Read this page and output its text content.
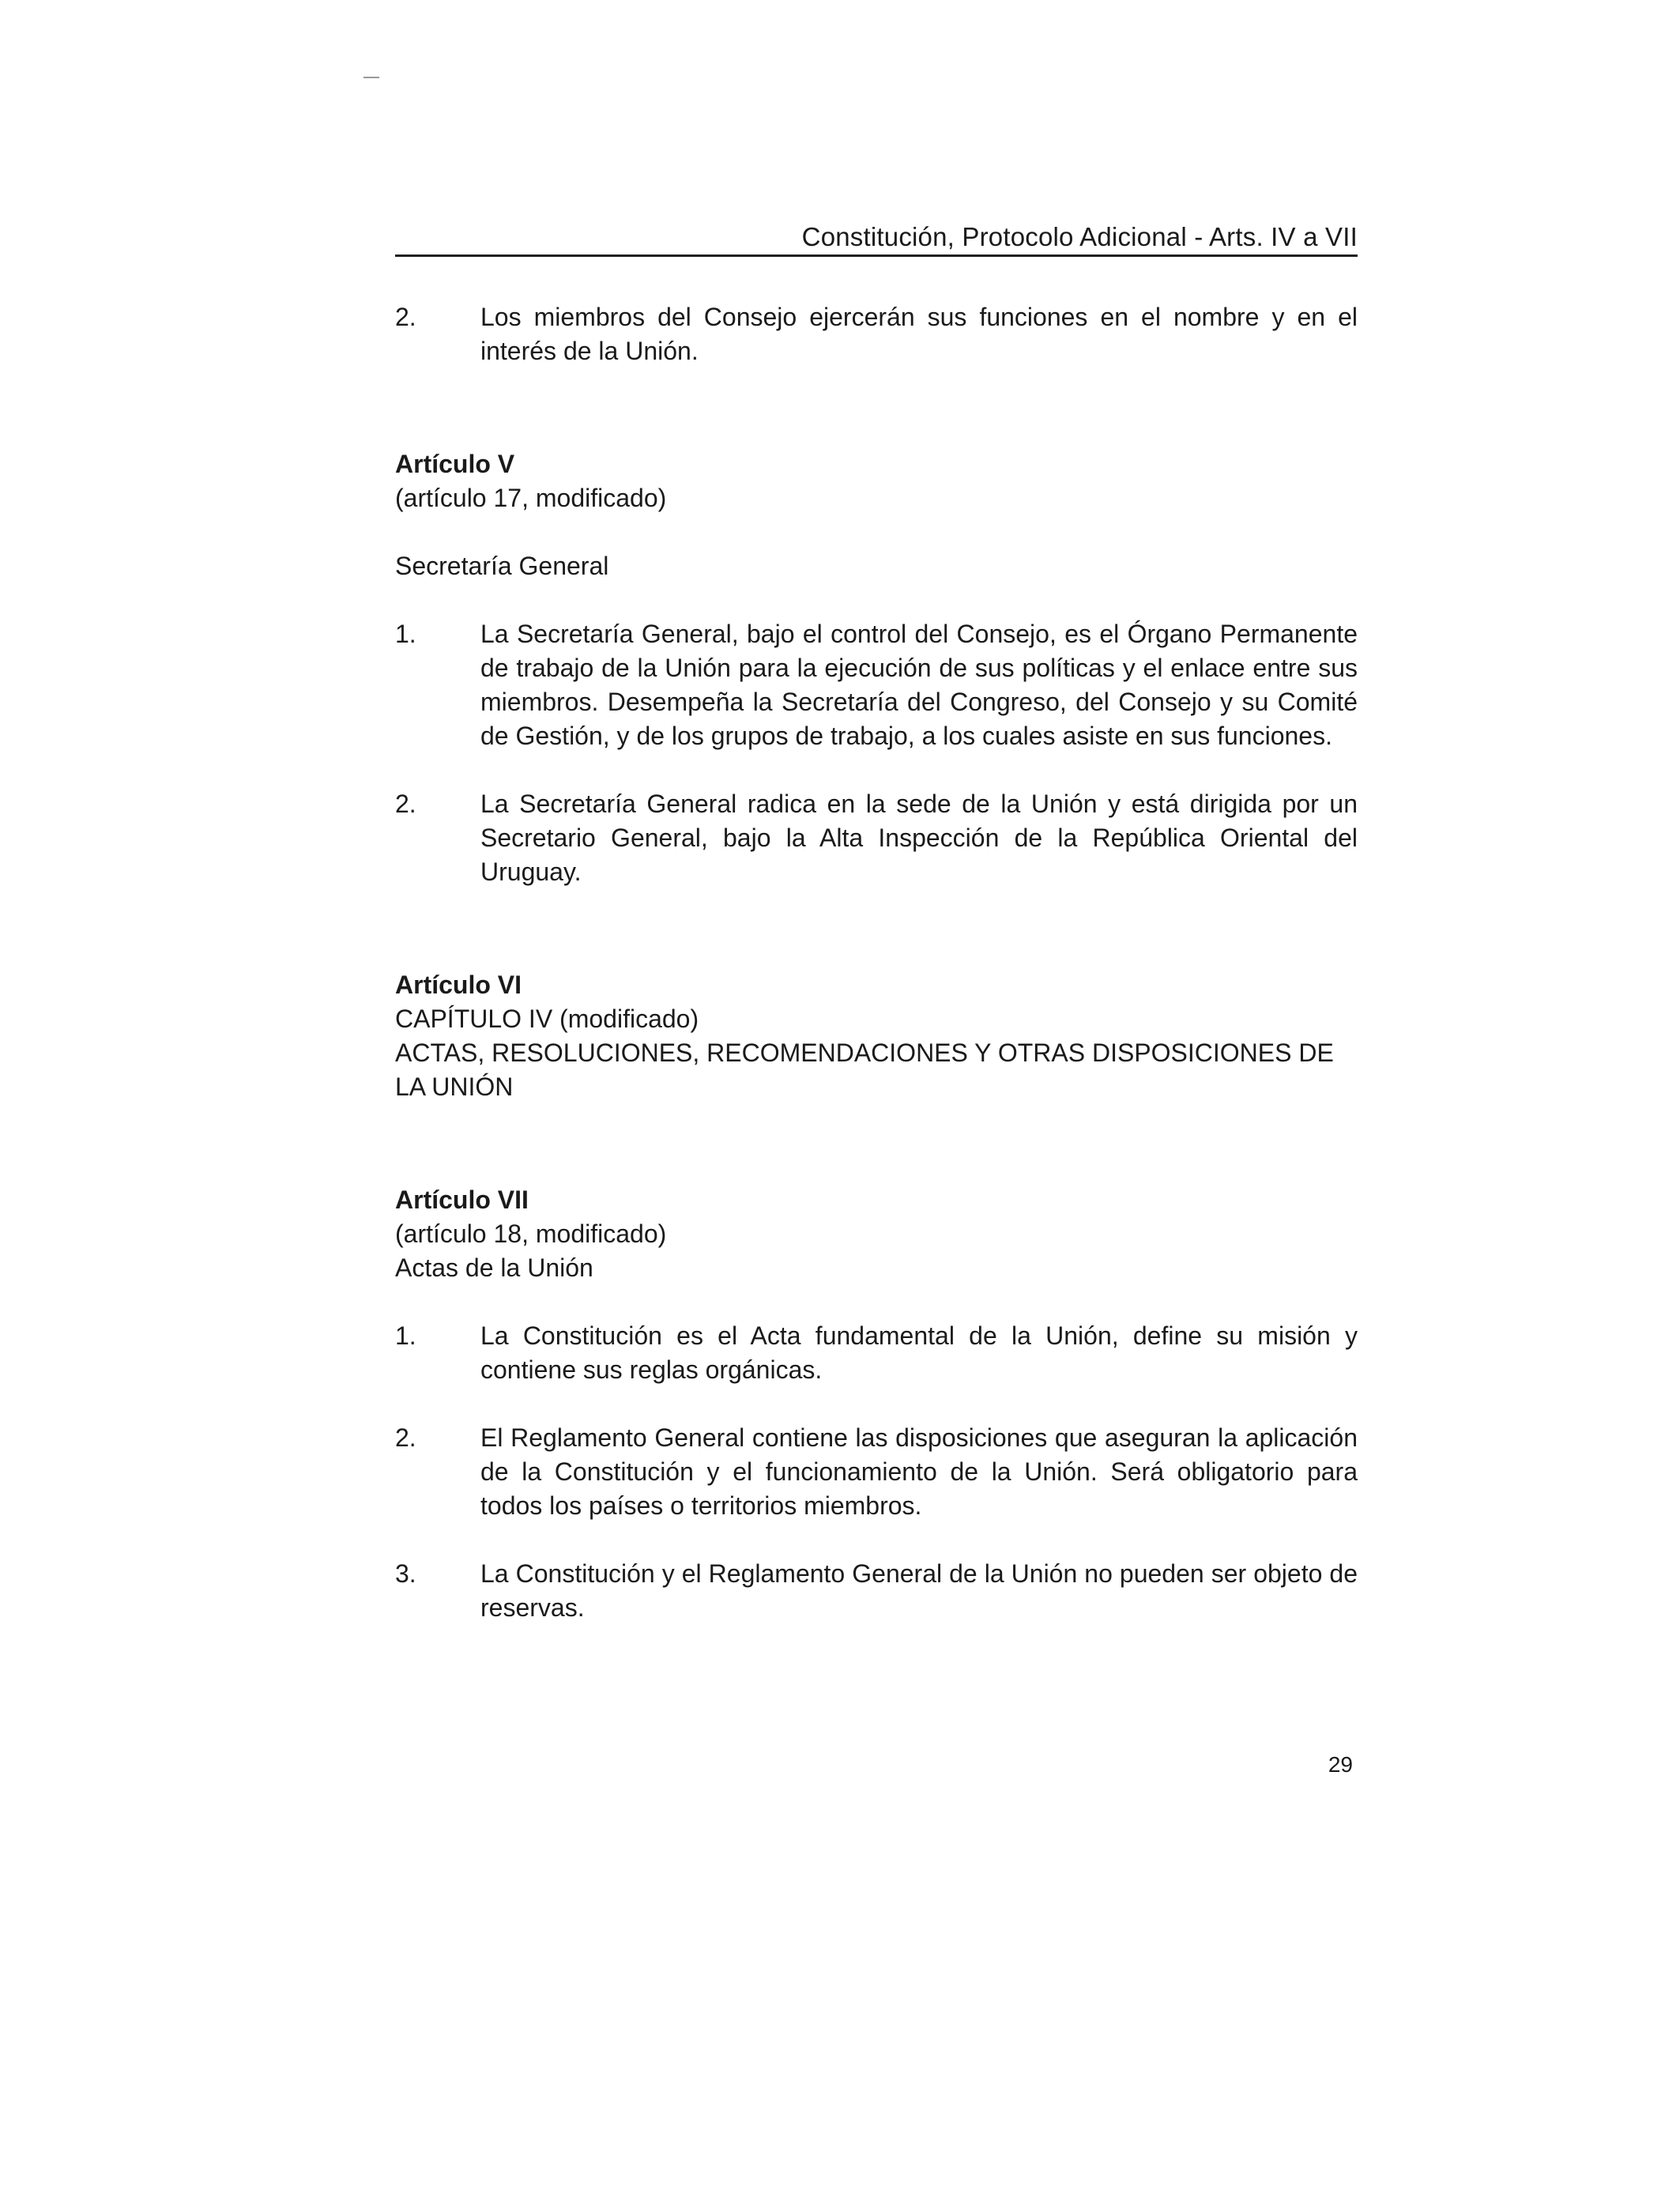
Constitución, Protocolo Adicional - Arts. IV a VII
2.	Los miembros del Consejo ejercerán sus funciones en el nombre y en el interés de la Unión.
Artículo V
(artículo 17, modificado)
Secretaría General
1.	La Secretaría General, bajo el control del Consejo, es el Órgano Permanente de trabajo de la Unión para la ejecución de sus políticas y el enlace entre sus miembros. Desempeña la Secretaría del Congreso, del Consejo y su Comité de Gestión, y de los grupos de trabajo, a los cuales asiste en sus funciones.
2.	La Secretaría General radica en la sede de la Unión y está dirigida por un Secretario General, bajo la Alta Inspección de la República Oriental del Uruguay.
Artículo VI
CAPÍTULO IV (modificado)
ACTAS, RESOLUCIONES, RECOMENDACIONES Y OTRAS DISPOSICIONES DE LA UNIÓN
Artículo VII
(artículo 18, modificado)
Actas de la Unión
1.	La Constitución es el Acta fundamental de la Unión, define su misión y contiene sus reglas orgánicas.
2.	El Reglamento General contiene las disposiciones que aseguran la aplicación de la Constitución y el funcionamiento de la Unión. Será obligatorio para todos los países o territorios miembros.
3.	La Constitución y el Reglamento General de la Unión no pueden ser objeto de reservas.
29
